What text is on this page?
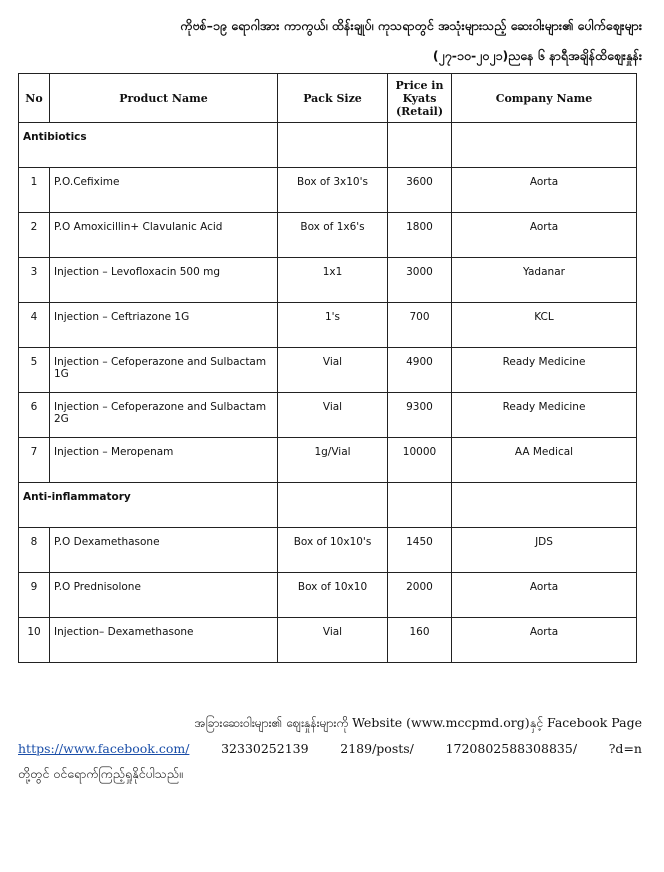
ကိုဗစ်–၁၉ ရောဂါအား ကာကွယ်၊ ထိန်းချုပ်၊ ကုသရာတွင် အသုံးများသည့် ဆေးဝါးများ၏ ပေါက်ဈေးများ
(၂၇-၁၀-၂၀၂၁)ညနေ ၆ နာရီအချိန်ထိဈေးနှုန်း
No	Product Name	Pack Size	Price in Kyats (Retail)	Company Name
Antibiotics				
1	P.O.Cefixime	Box of 3x10's	3600	Aorta
2	P.O Amoxicillin+ Clavulanic Acid	Box of 1x6's	1800	Aorta
3	Injection – Levofloxacin 500 mg	1x1	3000	Yadanar
4	Injection – Ceftriazone 1G	1's	700	KCL
5	Injection – Cefoperazone and Sulbactam 1G	Vial	4900	Ready Medicine
6	Injection – Cefoperazone and Sulbactam 2G	Vial	9300	Ready Medicine
7	Injection – Meropenam	1g/Vial	10000	AA Medical
Anti-inflammatory				
8	P.O Dexamethasone	Box of 10x10's	1450	JDS
9	P.O Prednisolone	Box of 10x10	2000	Aorta
10	Injection– Dexamethasone	Vial	160	Aorta
အခြားဆေးဝါးများ၏ ဈေးနှုန်းများကို Website (www.mccpmd.org)နှင့် Facebook Page
https://www.facebook.com/	32330252139	2189/posts/	1720802588308835/	?d=n
တို့တွင် ဝင်ရောက်ကြည့်ရှုနိုင်ပါသည်။
